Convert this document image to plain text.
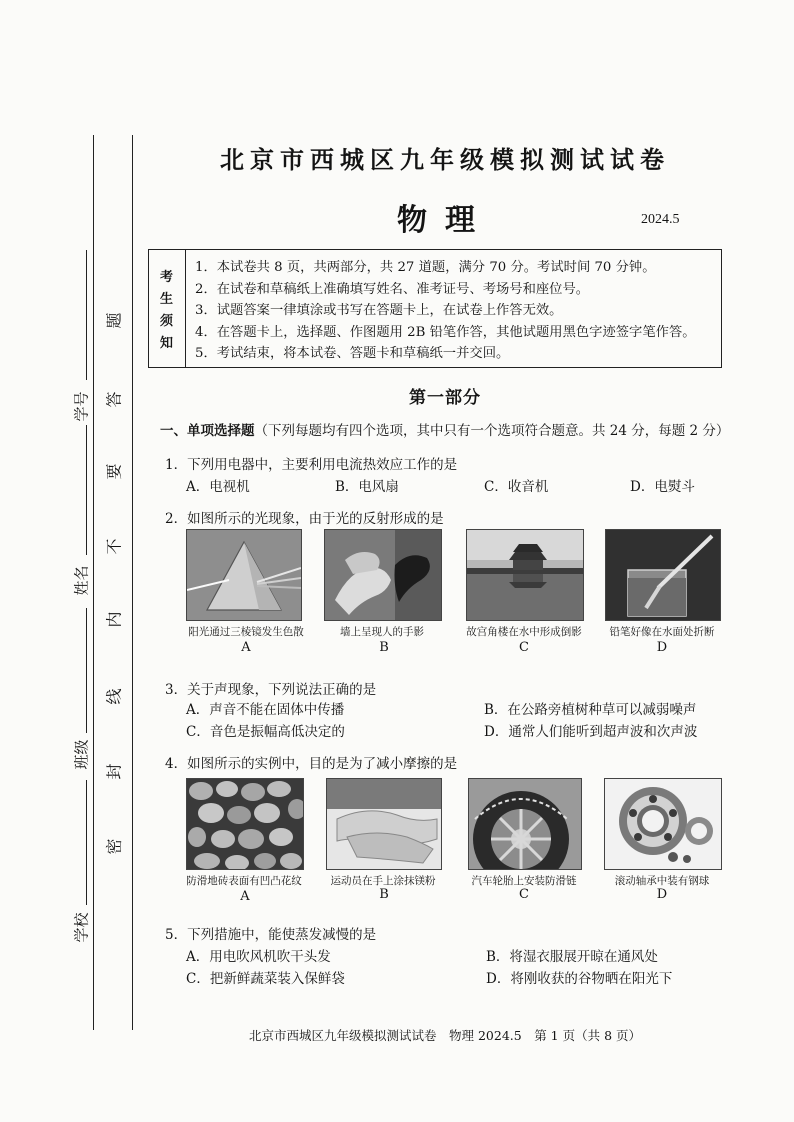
学号
姓名
班级
学校
题
答
要
不
内
线
封
密
北京市西城区九年级模拟测试试卷
物理	2024.5
考
生
须
知
1．本试卷共 8 页，共两部分，共 27 道题，满分 70 分。考试时间 70 分钟。
2．在试卷和草稿纸上准确填写姓名、准考证号、考场号和座位号。
3．试题答案一律填涂或书写在答题卡上，在试卷上作答无效。
4．在答题卡上，选择题、作图题用 2B 铅笔作答，其他试题用黑色字迹签字笔作答。
5．考试结束，将本试卷、答题卡和草稿纸一并交回。
第一部分
一、单项选择题（下列每题均有四个选项，其中只有一个选项符合题意。共 24 分，每题 2 分）
1．下列用电器中，主要利用电流热效应工作的是
A．电视机	B．电风扇	C．收音机	D．电熨斗
2．如图所示的光现象，由于光的反射形成的是
阳光通过三棱镜发生色散	墙上呈现人的手影	故宫角楼在水中形成倒影	铅笔好像在水面处折断
A	B	C	D
3．关于声现象，下列说法正确的是
A．声音不能在固体中传播	B．在公路旁植树种草可以减弱噪声
C．音色是振幅高低决定的	D．通常人们能听到超声波和次声波
4．如图所示的实例中，目的是为了减小摩擦的是
防滑地砖表面有凹凸花纹	运动员在手上涂抹镁粉	汽车轮胎上安装防滑链	滚动轴承中装有钢球
A	B	C	D
5．下列措施中，能使蒸发减慢的是
A．用电吹风机吹干头发	B．将湿衣服展开晾在通风处
C．把新鲜蔬菜装入保鲜袋	D．将刚收获的谷物晒在阳光下
北京市西城区九年级模拟测试试卷　物理 2024.5　第 1 页（共 8 页）
